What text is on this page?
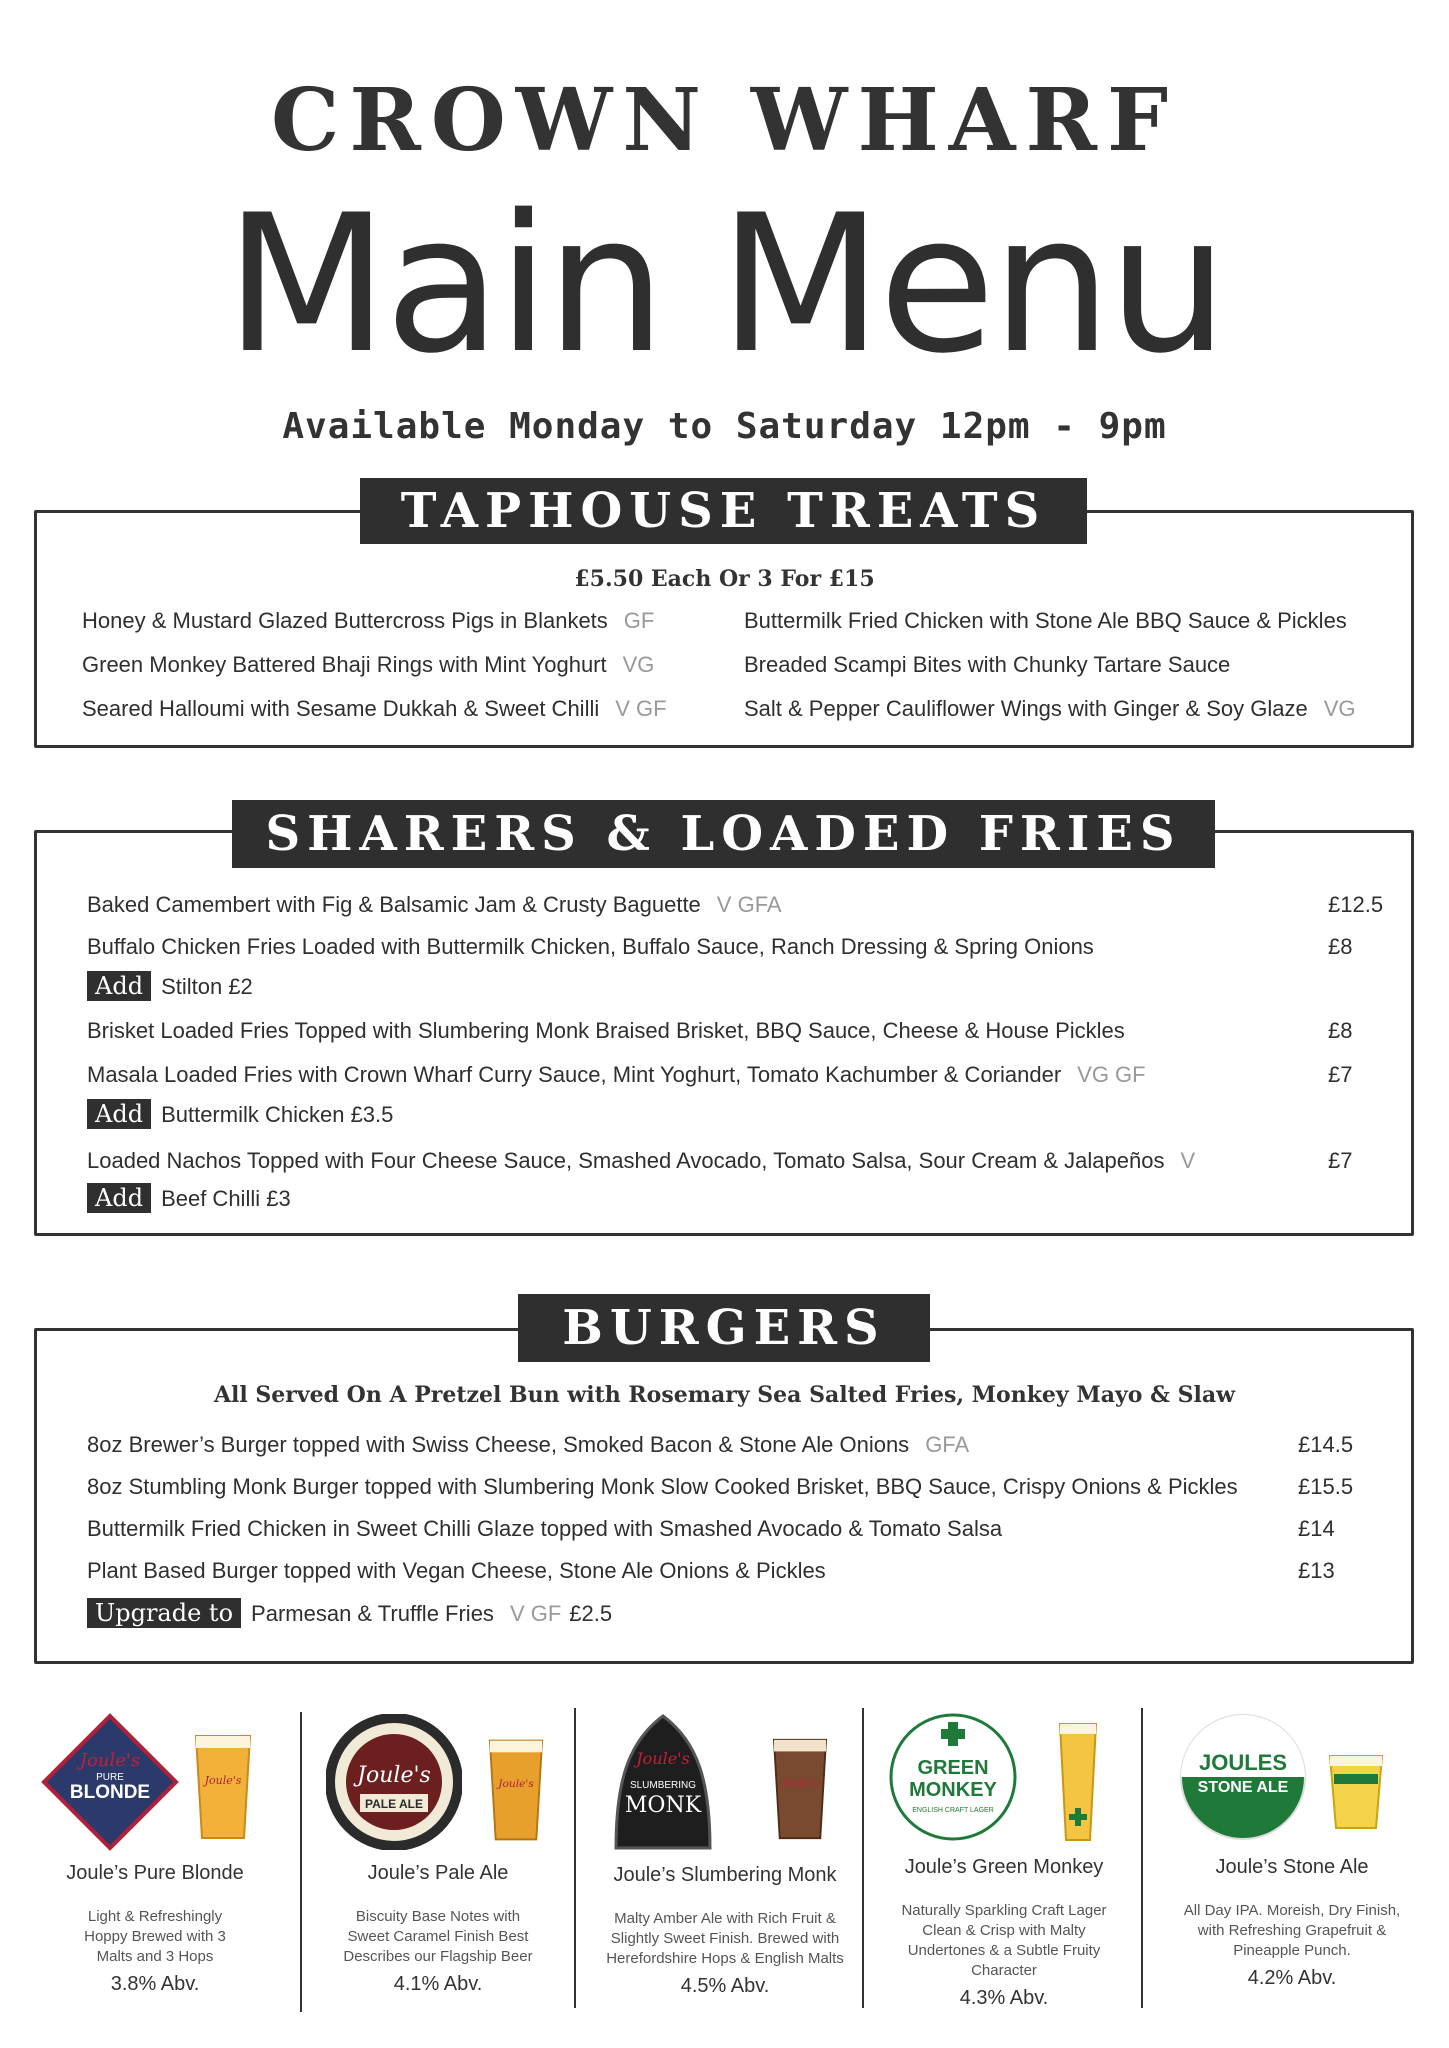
CROWN WHARF
Main Menu
Available Monday to Saturday 12pm - 9pm
TAPHOUSE TREATS
£5.50 Each Or 3 For £15
Honey & Mustard Glazed Buttercross Pigs in Blankets GF
Green Monkey Battered Bhaji Rings with Mint Yoghurt VG
Seared Halloumi with Sesame Dukkah & Sweet Chilli V GF
Buttermilk Fried Chicken with Stone Ale BBQ Sauce & Pickles
Breaded Scampi Bites with Chunky Tartare Sauce
Salt & Pepper Cauliflower Wings with Ginger & Soy Glaze VG
SHARERS & LOADED FRIES
Baked Camembert with Fig & Balsamic Jam & Crusty Baguette V GFA	£12.5
Buffalo Chicken Fries Loaded with Buttermilk Chicken, Buffalo Sauce, Ranch Dressing & Spring Onions	£8
Add Stilton £2
Brisket Loaded Fries Topped with Slumbering Monk Braised Brisket, BBQ Sauce, Cheese & House Pickles	£8
Masala Loaded Fries with Crown Wharf Curry Sauce, Mint Yoghurt, Tomato Kachumber & Coriander VG GF	£7
Add Buttermilk Chicken £3.5
Loaded Nachos Topped with Four Cheese Sauce, Smashed Avocado, Tomato Salsa, Sour Cream & Jalapeños V	£7
Add Beef Chilli £3
BURGERS
All Served On A Pretzel Bun with Rosemary Sea Salted Fries, Monkey Mayo & Slaw
8oz Brewer’s Burger topped with Swiss Cheese, Smoked Bacon & Stone Ale Onions GFA	£14.5
8oz Stumbling Monk Burger topped with Slumbering Monk Slow Cooked Brisket, BBQ Sauce, Crispy Onions & Pickles	£15.5
Buttermilk Fried Chicken in Sweet Chilli Glaze topped with Smashed Avocado & Tomato Salsa	£14
Plant Based Burger topped with Vegan Cheese, Stone Ale Onions & Pickles	£13
Upgrade to Parmesan & Truffle Fries V GF £2.5
Joule's
PURE
BLONDE
Joule's
Joule’s Pure Blonde
Light & Refreshingly Hoppy Brewed with 3 Malts and 3 Hops
3.8% Abv.
Joule's
PALE ALE
Joule's
Joule’s Pale Ale
Biscuity Base Notes with Sweet Caramel Finish Best Describes our Flagship Beer
4.1% Abv.
Joule's
SLUMBERING
MONK
Joule's
Joule’s Slumbering Monk
Malty Amber Ale with Rich Fruit & Slightly Sweet Finish. Brewed with Herefordshire Hops & English Malts
4.5% Abv.
GREEN
MONKEY
ENGLISH CRAFT LAGER
Joule’s Green Monkey
Naturally Sparkling Craft Lager Clean & Crisp with Malty Undertones & a Subtle Fruity Character
4.3% Abv.
JOULES
STONE ALE
Joule’s Stone Ale
All Day IPA. Moreish, Dry Finish, with Refreshing Grapefruit & Pineapple Punch.
4.2% Abv.
